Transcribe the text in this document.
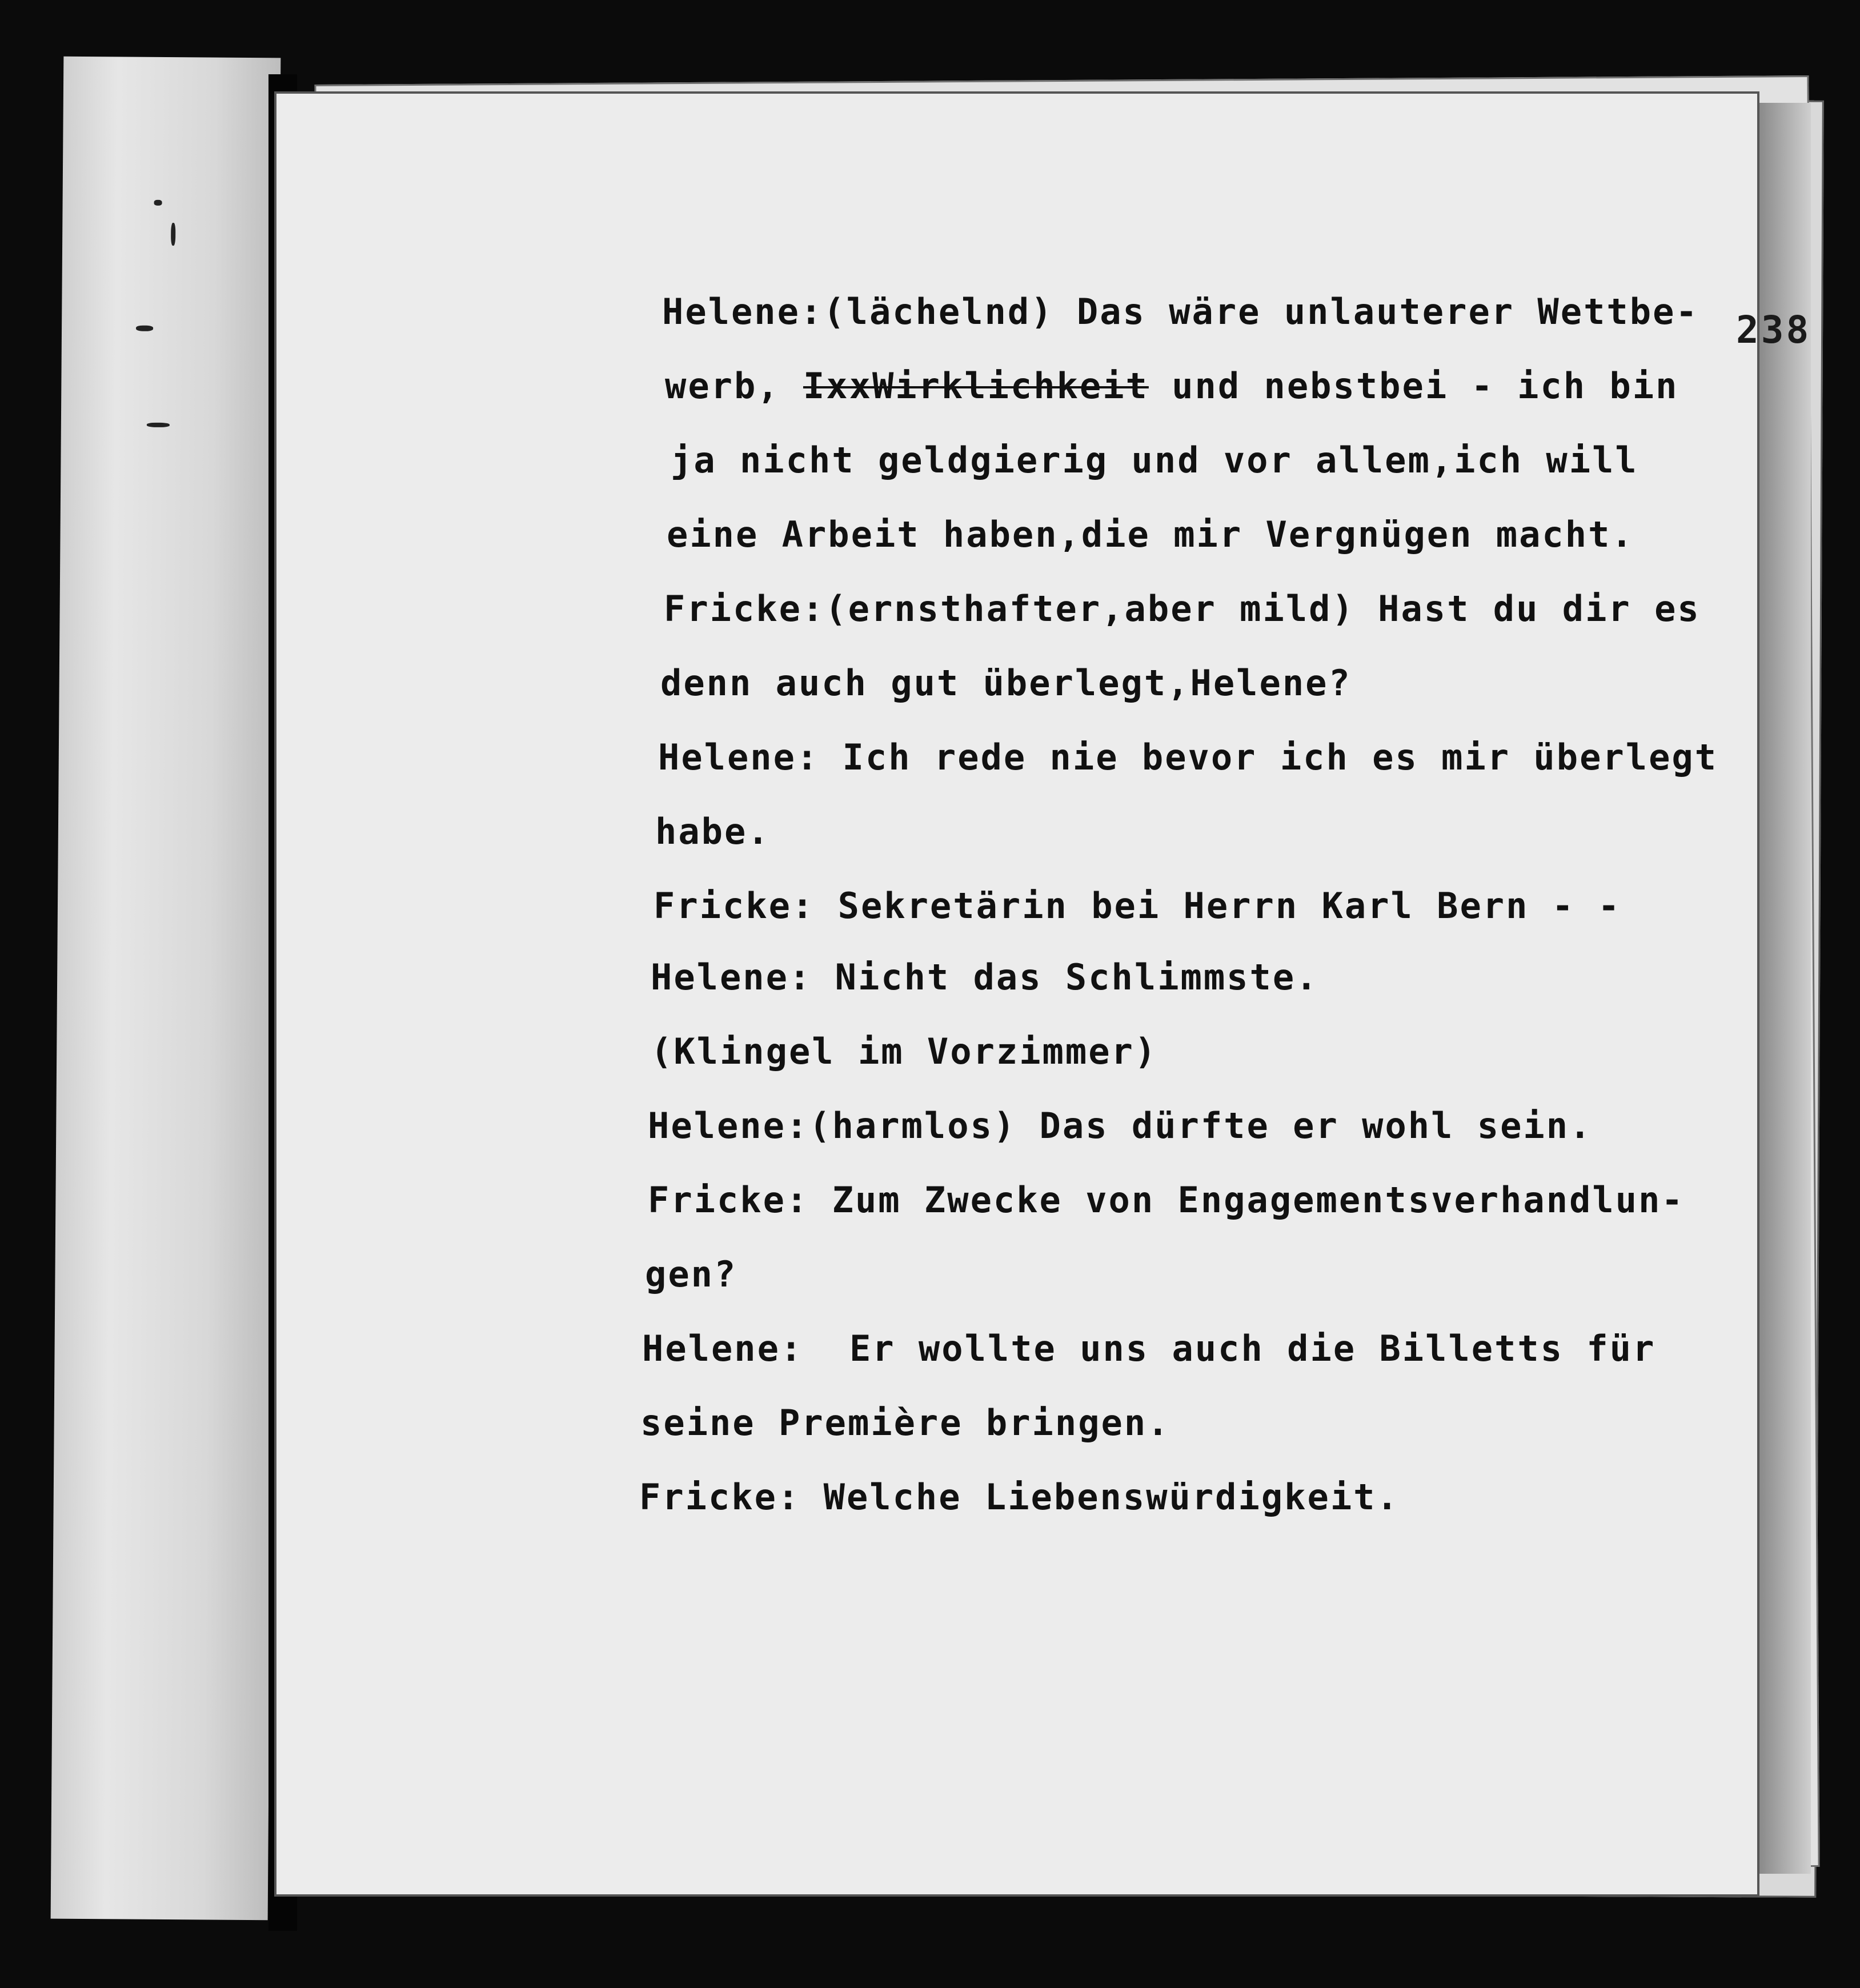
238
Helene:(lächelnd) Das wäre unlauterer Wettbe-
werb, IxxWirklichkeit und nebstbei - ich bin
ja nicht geldgierig und vor allem,ich will
eine Arbeit haben,die mir Vergnügen macht.
Fricke:(ernsthafter,aber mild) Hast du dir es
denn auch gut überlegt,Helene?
Helene: Ich rede nie bevor ich es mir überlegt
habe.
Fricke: Sekretärin bei Herrn Karl Bern - -
Helene: Nicht das Schlimmste.
(Klingel im Vorzimmer)
Helene:(harmlos) Das dürfte er wohl sein.
Fricke: Zum Zwecke von Engagementsverhandlun-
gen?
Helene:  Er wollte uns auch die Billetts für
seine Première bringen.
Fricke: Welche Liebenswürdigkeit.
